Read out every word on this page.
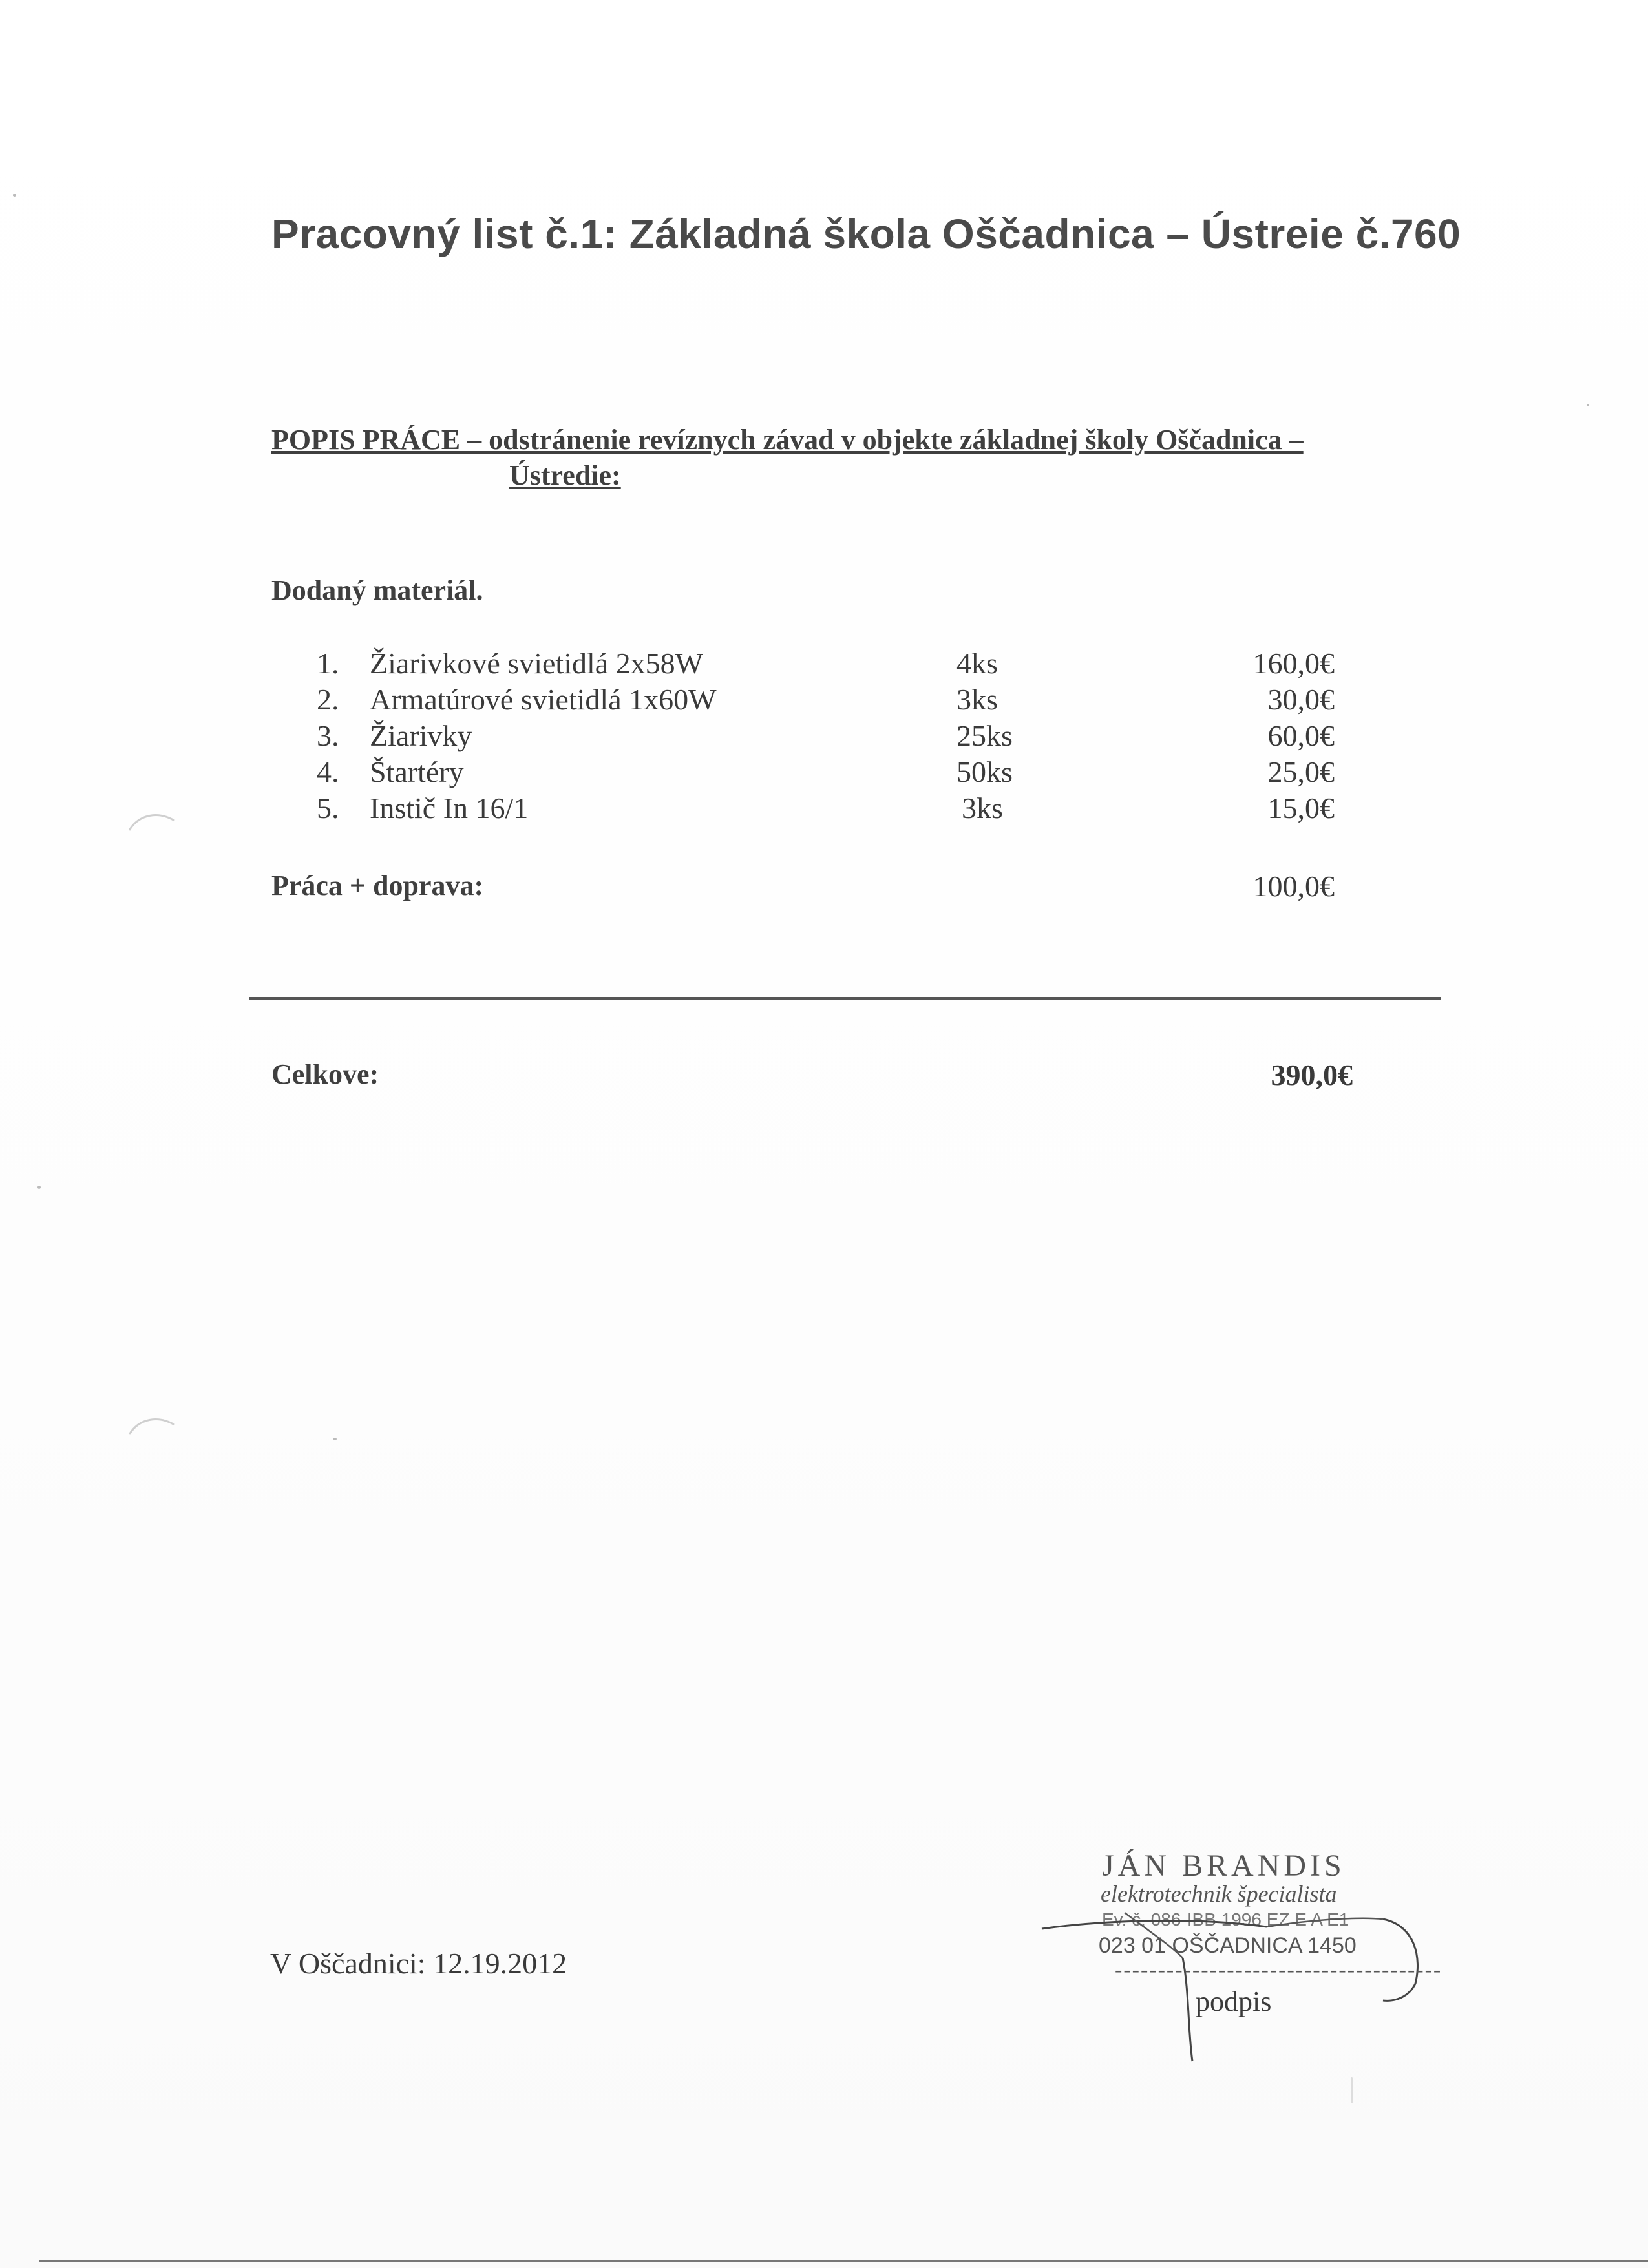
Pracovný list č.1: Základná škola Oščadnica – Ústreie č.760
POPIS PRÁCE – odstránenie revíznych závad v objekte základnej školy Oščadnica –
Ústredie:
Dodaný materiál.
1. Žiarivkové svietidlá 2x58W	4ks	160,0€
2. Armatúrové svietidlá 1x60W	3ks	30,0€
3. Žiarivky	25ks	60,0€
4. Štartéry	50ks	25,0€
5. Instič In 16/1	3ks	15,0€
Práca + doprava:	100,0€
Celkove:	390,0€
V Oščadnici: 12.19.2012
JÁN BRANDIS
elektrotechnik špecialista
Ev. č. 086-IBB 1996 EZ E A E1
023 01 OŠČADNICA 1450
--------------------------------------
podpis
